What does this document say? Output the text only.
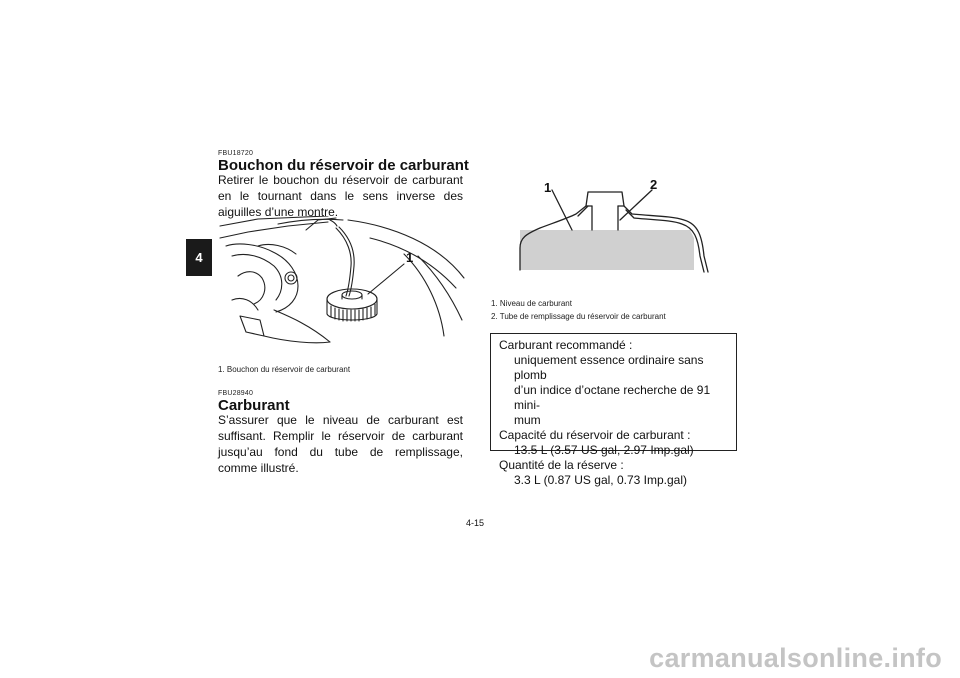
4
FBU18720
Bouchon du réservoir de carburant

Retirer le bouchon du réservoir de carburant en le tournant dans le sens inverse des aiguilles d’une montre.

1
1. Bouchon du réservoir de carburant
FBU28940
Carburant

S’assurer que le niveau de carburant est suffisant. Remplir le réservoir de carburant jusqu’au fond du tube de remplissage, comme illustré.

1	2
1. Niveau de carburant
2. Tube de remplissage du réservoir de carburant
Carburant recommandé :
uniquement essence ordinaire sans plomb
d’un indice d’octane recherche de 91 mini-
mum
Capacité du réservoir de carburant :
13.5 L (3.57 US gal, 2.97 Imp.gal)
Quantité de la réserve :
3.3 L (0.87 US gal, 0.73 Imp.gal)
4-15
carmanualsonline.info
